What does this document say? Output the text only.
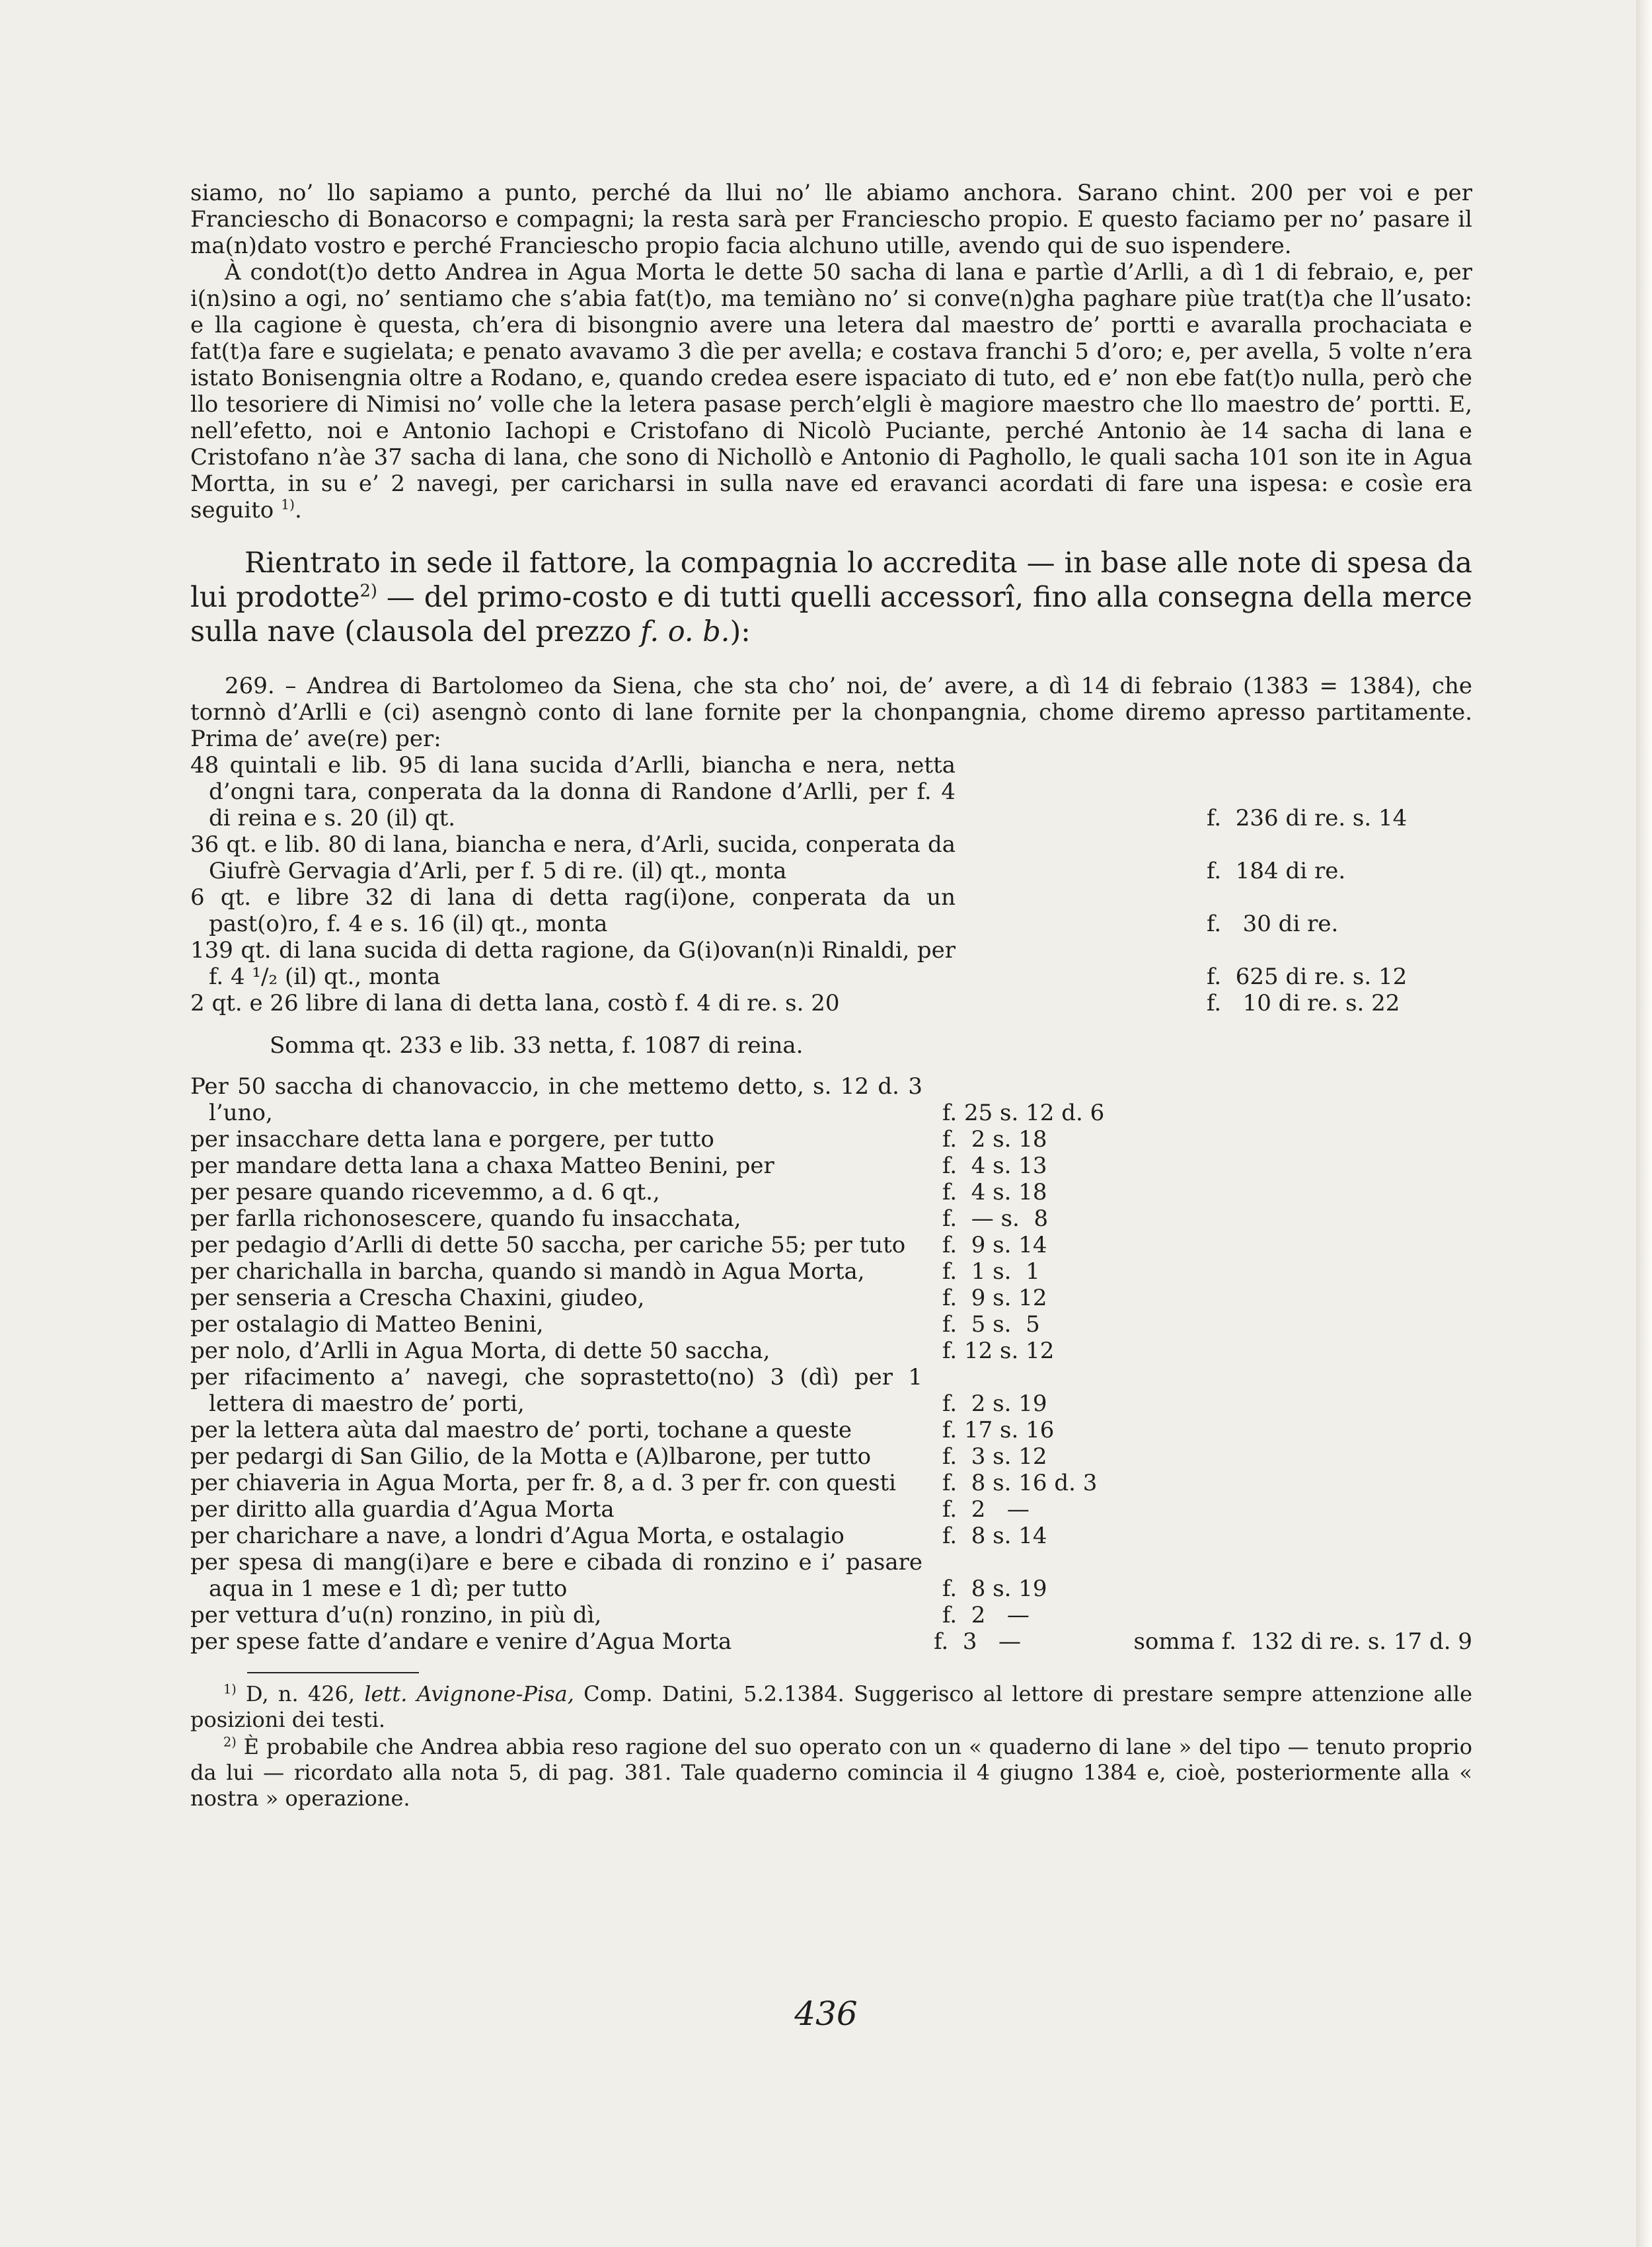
siamo, no’ llo sapiamo a punto, perché da llui no’ lle abiamo anchora. Sarano chint. 200 per voi e per Franciescho di Bonacorso e compagni; la resta sarà per Franciescho propio. E questo faciamo per no’ pasare il ma(n)dato vostro e perché Franciescho propio facia alchuno utille, avendo qui de suo ispendere.

À condot(t)o detto Andrea in Agua Morta le dette 50 sacha di lana e partìe d’Arlli, a dì 1 di febraio, e, per i(n)sino a ogi, no’ sentiamo che s’abia fat(t)o, ma temiàno no’ si conve(n)gha paghare piùe trat(t)a che ll’usato: e lla cagione è questa, ch’era di bisongnio avere una letera dal maestro de’ portti e avaralla prochaciata e fat(t)a fare e sugielata; e penato avavamo 3 dìe per avella; e costava franchi 5 d’oro; e, per avella, 5 volte n’era istato Bonisengnia oltre a Rodano, e, quando credea esere ispaciato di tuto, ed e’ non ebe fat(t)o nulla, però che llo tesoriere di Nimisi no’ volle che la letera pasase perch’elgli è magiore maestro che llo maestro de’ portti. E, nell’efetto, noi e Antonio Iachopi e Cristofano di Nicolò Puciante, perché Antonio àe 14 sacha di lana e Cristofano n’àe 37 sacha di lana, che sono di Nichollò e Antonio di Paghollo, le quali sacha 101 son ite in Agua Mortta, in su e’ 2 navegi, per caricharsi in sulla nave ed eravanci acordati di fare una ispesa: e cosìe era seguito $^{1)}$.

Rientrato in sede il fattore, la compagnia lo accredita — in base alle note di spesa da lui prodotte$^{2)}$ — del primo-costo e di tutti quelli accessorî, fino alla consegna della merce sulla nave (clausola del prezzo f. o. b.):

269. – Andrea di Bartolomeo da Siena, che sta cho’ noi, de’ avere, a dì 14 di febraio (1383 = 1384), che tornnò d’Arlli e (ci) asengnò conto di lane fornite per la chonpangnia, chome diremo apresso partitamente. Prima de’ ave(re) per:
48 quintali e lib. 95 di lana sucida d’Arlli, biancha e nera, netta d’ongni tara, conperata da la donna di Randone d’Arlli, per f. 4 di reina e s. 20 (il) qt.	f.  236 di re. s. 14
36 qt. e lib. 80 di lana, biancha e nera, d’Arli, sucida, conperata da Giufrè Gervagia d’Arli, per f. 5 di re. (il) qt., monta	f.  184 di re.
6 qt. e libre 32 di lana di detta rag(i)one, conperata da un past(o)ro, f. 4 e s. 16 (il) qt., monta	f.   30 di re.
139 qt. di lana sucida di detta ragione, da G(i)ovan(n)i Rinaldi, per f. 4 ¹/₂ (il) qt., monta	f.  625 di re. s. 12
2 qt. e 26 libre di lana di detta lana, costò f. 4 di re. s. 20	f.   10 di re. s. 22
Somma qt. 233 e lib. 33 netta, f. 1087 di reina.
Per 50 saccha di chanovaccio, in che mettemo detto, s. 12 d. 3 l’uno,	f. 25 s. 12 d. 6
per insacchare detta lana e porgere, per tutto	f.  2 s. 18
per mandare detta lana a chaxa Matteo Benini, per	f.  4 s. 13
per pesare quando ricevemmo, a d. 6 qt.,	f.  4 s. 18
per farlla richonosescere, quando fu insacchata,	f.  — s.  8
per pedagio d’Arlli di dette 50 saccha, per cariche 55; per tuto	f.  9 s. 14
per charichalla in barcha, quando si mandò in Agua Morta,	f.  1 s.  1
per senseria a Crescha Chaxini, giudeo,	f.  9 s. 12
per ostalagio di Matteo Benini,	f.  5 s.  5
per nolo, d’Arlli in Agua Morta, di dette 50 saccha,	f. 12 s. 12
per rifacimento a’ navegi, che soprastetto(no) 3 (dì) per 1 lettera di maestro de’ porti,	f.  2 s. 19
per la lettera aùta dal maestro de’ porti, tochane a queste	f. 17 s. 16
per pedargi di San Gilio, de la Motta e (A)lbarone, per tutto	f.  3 s. 12
per chiaveria in Agua Morta, per fr. 8, a d. 3 per fr. con questi	f.  8 s. 16 d. 3
per diritto alla guardia d’Agua Morta	f.  2   —
per charichare a nave, a londri d’Agua Morta, e ostalagio	f.  8 s. 14
per spesa di mang(i)are e bere e cibada di ronzino e i’ pasare aqua in 1 mese e 1 dì; per tutto	f.  8 s. 19
per vettura d’u(n) ronzino, in più dì,	f.  2   —
per spese fatte d’andare e venire d’Agua Morta	f.  3   —	somma f.  132 di re. s. 17 d. 9

$^{1)}$ D, n. 426, lett. Avignone-Pisa, Comp. Datini, 5.2.1384. Suggerisco al lettore di prestare sempre attenzione alle posizioni dei testi.

$^{2)}$ È probabile che Andrea abbia reso ragione del suo operato con un « quaderno di lane » del tipo — tenuto proprio da lui — ricordato alla nota 5, di pag. 381. Tale quaderno comincia il 4 giugno 1384 e, cioè, posteriormente alla « nostra » operazione.

436
